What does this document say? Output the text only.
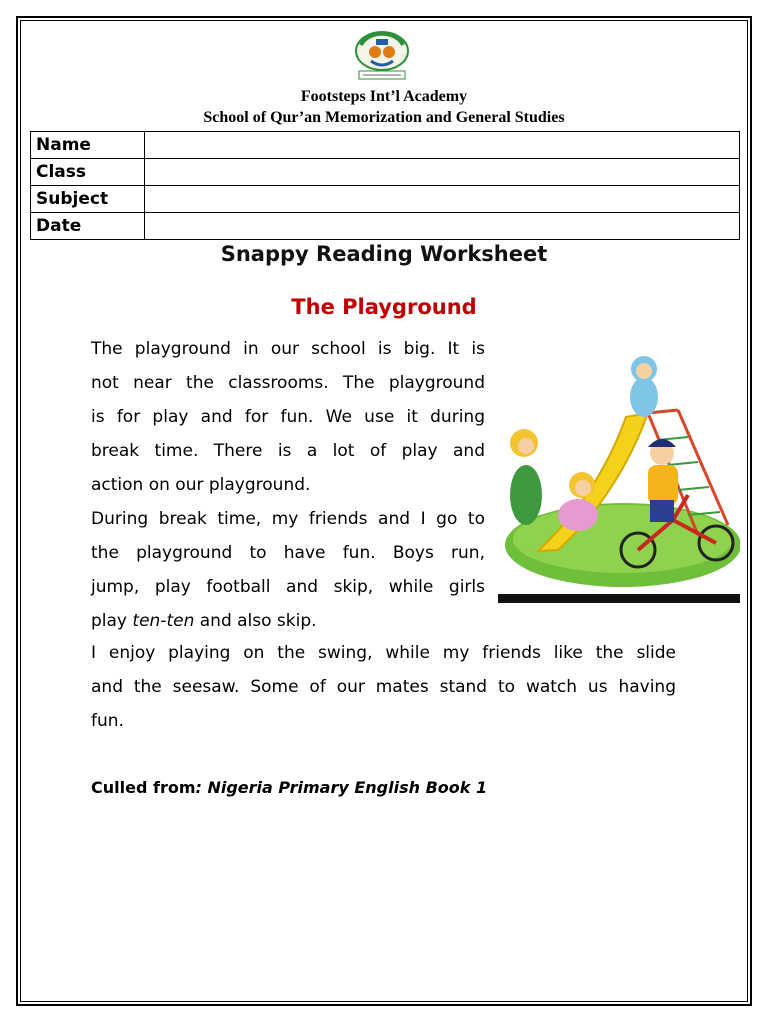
Footsteps Int’l Academy
School of Qur’an Memorization and General Studies
Name	
Class	
Subject	
Date	
Snappy Reading Worksheet
The Playground
The playground in our school is big. It is
not near the classrooms. The playground
is for play and for fun. We use it during
break time. There is a lot of play and
action on our playground.
During break time, my friends and I go to
the playground to have fun. Boys run,
jump, play football and skip, while girls
play ten-ten and also skip.
I enjoy playing on the swing, while my friends like the slide
and the seesaw. Some of our mates stand to watch us having
fun.
Culled from: Nigeria Primary English Book 1
